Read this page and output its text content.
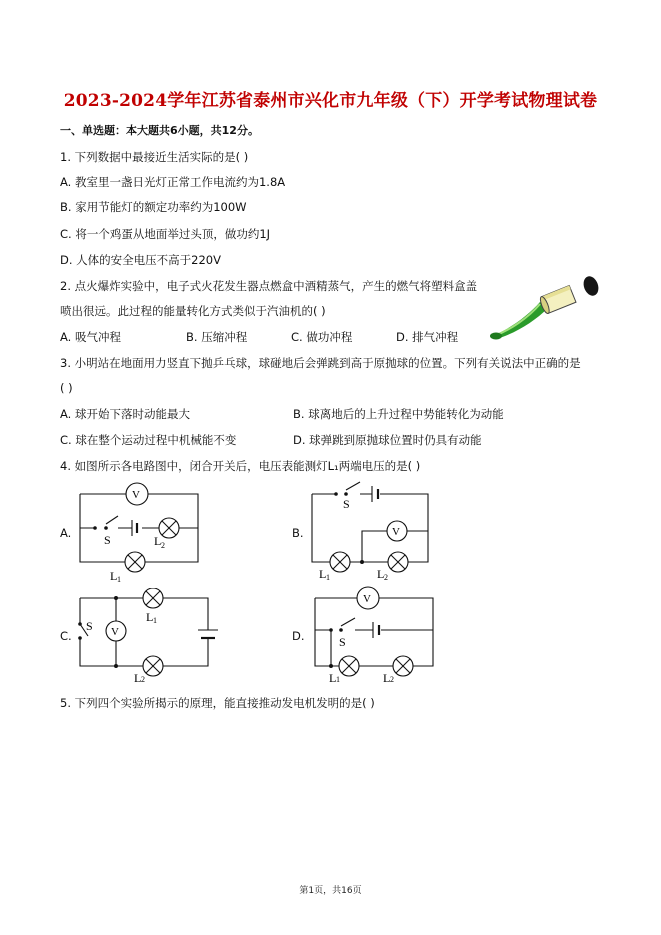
2023-2024学年江苏省泰州市兴化市九年级（下）开学考试物理试卷
一、单选题：本大题共6小题，共12分。
1. 下列数据中最接近生活实际的是( )
A. 教室里一盏日光灯正常工作电流约为1.8A
B. 家用节能灯的额定功率约为100W
C. 将一个鸡蛋从地面举过头顶，做功约1J
D. 人体的安全电压不高于220V
2. 点火爆炸实验中，电子式火花发生器点燃盒中酒精蒸气，产生的燃气将塑料盒盖
喷出很远。此过程的能量转化方式类似于汽油机的( )
A. 吸气冲程	B. 压缩冲程	C. 做功冲程	D. 排气冲程
3. 小明站在地面用力竖直下抛乒乓球，球碰地后会弹跳到高于原抛球的位置。下列有关说法中正确的是
( )
A. 球开始下落时动能最大	B. 球离地后的上升过程中势能转化为动能
C. 球在整个运动过程中机械能不变	D. 球弹跳到原抛球位置时仍具有动能
4. 如图所示各电路图中，闭合开关后，电压表能测灯L₁两端电压的是( )
A.	B.
C.	D.
V
S	L 2
L 1
V
S
L 1	L 2
V
S
L 1
L 2
V
S
L 1	L 2
5. 下列四个实验所揭示的原理，能直接推动发电机发明的是( )
第1页，共16页
